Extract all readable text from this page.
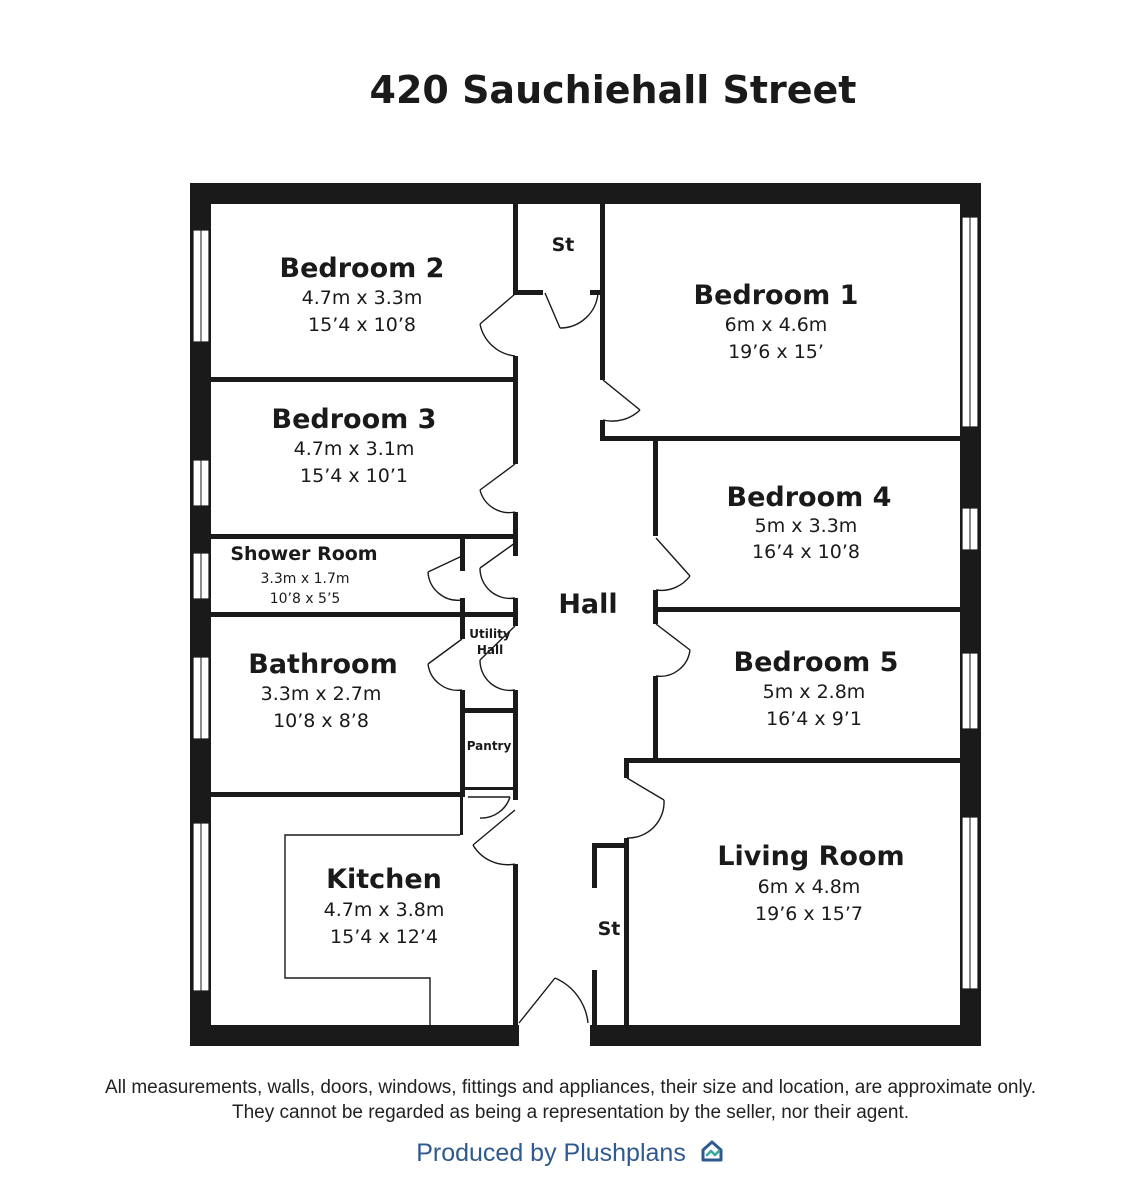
420 Sauchiehall Street
Bedroom 2
4.7m x 3.3m
15’4 x 10’8
Bedroom 1
6m x 4.6m
19’6 x 15’
Bedroom 3
4.7m x 3.1m
15’4 x 10’1
Bedroom 4
5m x 3.3m
16’4 x 10’8
Shower Room
3.3m x 1.7m
10’8 x 5’5	Hall
Utility
Hall
Bathroom
3.3m x 2.7m
10’8 x 8’8
Bedroom 5
5m x 2.8m
16’4 x 9’1
Pantry
Living Room
6m x 4.8m
19’6 x 15’7
Kitchen
4.7m x 3.8m
15’4 x 12’4
St
St
All measurements, walls, doors, windows, fittings and appliances, their size and location, are approximate only.
They cannot be regarded as being a representation by the seller, nor their agent.
Produced by Plushplans
